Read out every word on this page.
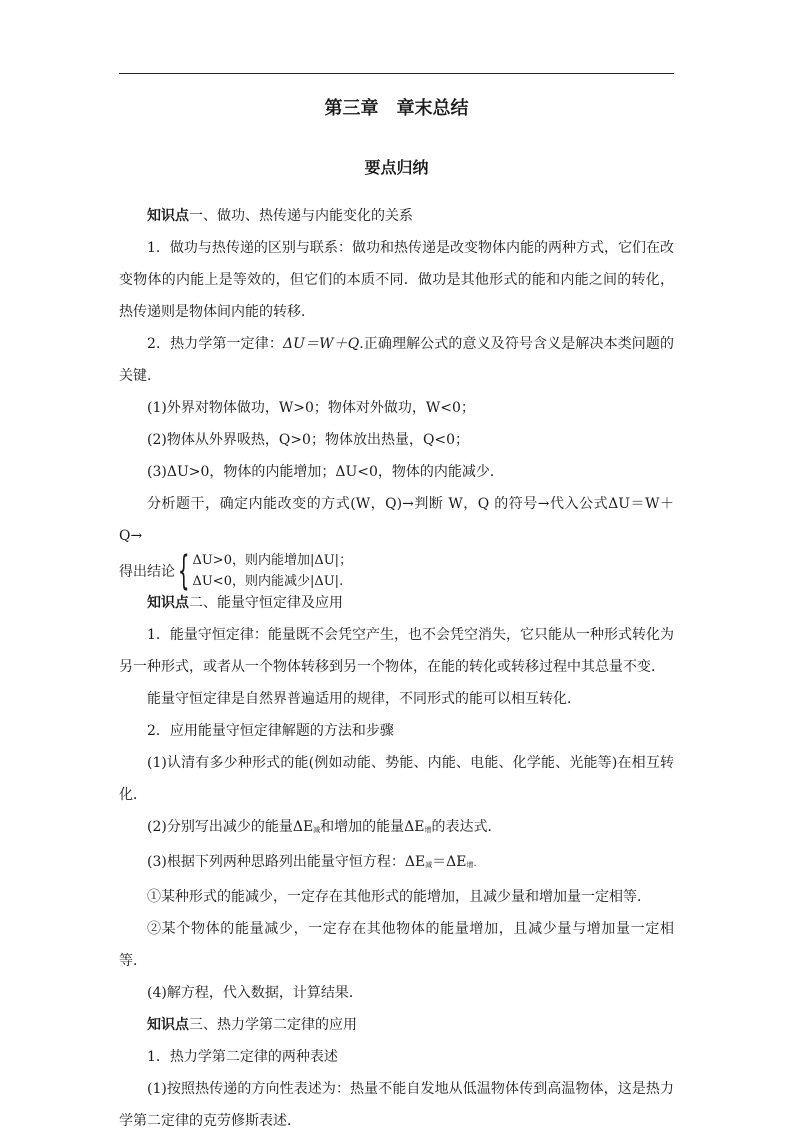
第三章　章末总结
要点归纳

知识点一、做功、热传递与内能变化的关系

1．做功与热传递的区别与联系：做功和热传递是改变物体内能的两种方式，它们在改变物体的内能上是等效的，但它们的本质不同．做功是其他形式的能和内能之间的转化，热传递则是物体间内能的转移．

2．热力学第一定律：ΔU＝W＋Q.正确理解公式的意义及符号含义是解决本类问题的关键．

(1)外界对物体做功，W>0；物体对外做功，W<0；

(2)物体从外界吸热，Q>0；物体放出热量，Q<0；

(3)ΔU>0，物体的内能增加；ΔU<0，物体的内能减少．

分析题干，确定内能改变的方式(W，Q)→判断 W，Q 的符号→代入公式ΔU＝W＋Q→

得出结论 { ΔU>0，则内能增加|ΔU|；
ΔU<0，则内能减少|ΔU|.

知识点二、能量守恒定律及应用

1．能量守恒定律：能量既不会凭空产生，也不会凭空消失，它只能从一种形式转化为另一种形式，或者从一个物体转移到另一个物体，在能的转化或转移过程中其总量不变．

能量守恒定律是自然界普遍适用的规律，不同形式的能可以相互转化．

2．应用能量守恒定律解题的方法和步骤

(1)认清有多少种形式的能(例如动能、势能、内能、电能、化学能、光能等)在相互转化．

(2)分别写出减少的能量ΔE减和增加的能量ΔE增的表达式．

(3)根据下列两种思路列出能量守恒方程：ΔE减＝ΔE增.

①某种形式的能减少，一定存在其他形式的能增加，且减少量和增加量一定相等．

②某个物体的能量减少，一定存在其他物体的能量增加，且减少量与增加量一定相等．

(4)解方程，代入数据，计算结果．

知识点三、热力学第二定律的应用

1．热力学第二定律的两种表述

(1)按照热传递的方向性表述为：热量不能自发地从低温物体传到高温物体，这是热力学第二定律的克劳修斯表述．
